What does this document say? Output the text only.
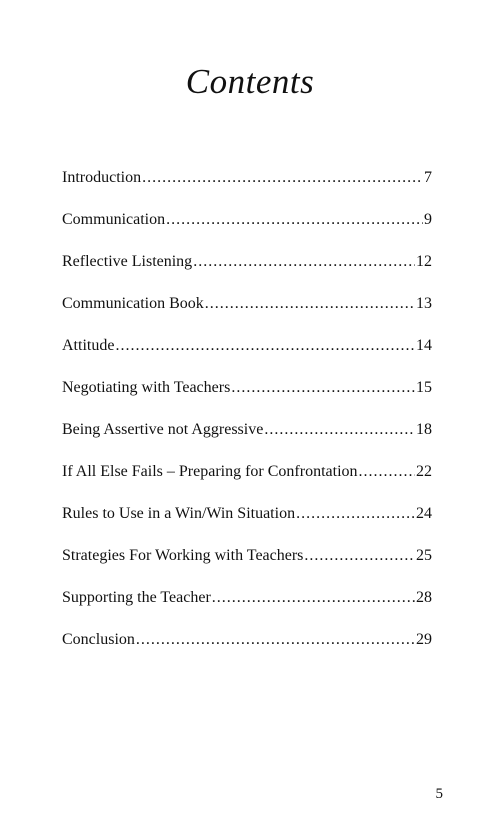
Contents
Introduction .....	7
Communication .....	9
Reflective Listening .....	12
Communication Book .....	13
Attitude .....	14
Negotiating with Teachers .....	15
Being Assertive not Aggressive .....	18
If All Else Fails – Preparing for Confrontation .....	22
Rules to Use in a Win/Win Situation .....	24
Strategies For Working with Teachers .....	25
Supporting the Teacher .....	28
Conclusion .....	29
5
